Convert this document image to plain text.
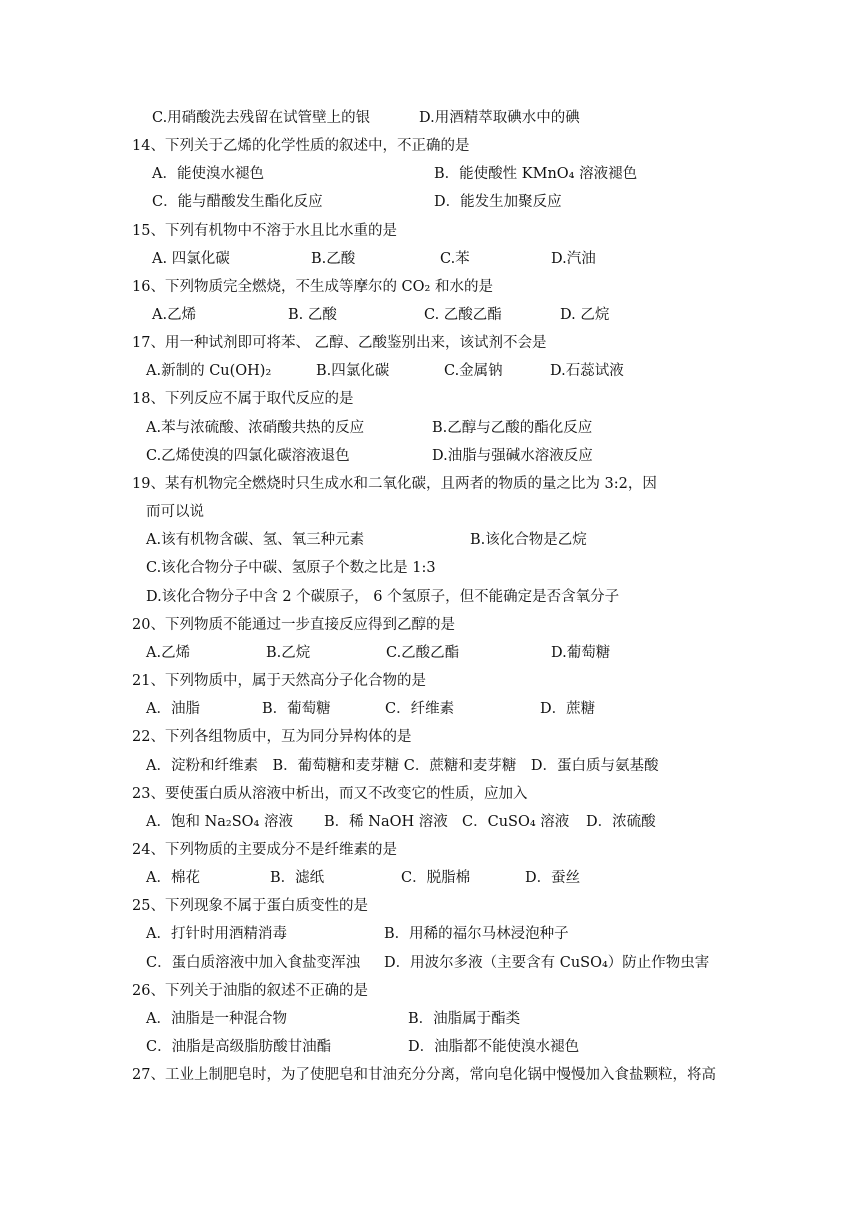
C.用硝酸洗去残留在试管壁上的银	D.用酒精萃取碘水中的碘
14、下列关于乙烯的化学性质的叙述中，不正确的是
A．能使溴水褪色	B．能使酸性 KMnO₄ 溶液褪色
C．能与醋酸发生酯化反应	D．能发生加聚反应
15、下列有机物中不溶于水且比水重的是
A. 四氯化碳	B.乙酸	C.苯	D.汽油
16、下列物质完全燃烧，不生成等摩尔的 CO₂ 和水的是
A.乙烯	B. 乙酸	C. 乙酸乙酯	D. 乙烷
17、用一种试剂即可将苯、 乙醇、乙酸鉴别出来，该试剂不会是
A.新制的 Cu(OH)₂	B.四氯化碳	C.金属钠	D.石蕊试液
18、下列反应不属于取代反应的是
A.苯与浓硫酸、浓硝酸共热的反应	B.乙醇与乙酸的酯化反应
C.乙烯使溴的四氯化碳溶液退色	D.油脂与强碱水溶液反应
19、某有机物完全燃烧时只生成水和二氧化碳，且两者的物质的量之比为 3:2，因
而可以说
A.该有机物含碳、氢、氧三种元素	B.该化合物是乙烷
C.该化合物分子中碳、氢原子个数之比是 1:3
D.该化合物分子中含 2 个碳原子， 6 个氢原子，但不能确定是否含氧分子
20、下列物质不能通过一步直接反应得到乙醇的是
A.乙烯	B.乙烷	C.乙酸乙酯	D.葡萄糖
21、下列物质中，属于天然高分子化合物的是
A．油脂	B．葡萄糖	C．纤维素	D．蔗糖
22、下列各组物质中，互为同分异构体的是
A．淀粉和纤维素　B．葡萄糖和麦芽糖 C．蔗糖和麦芽糖　D．蛋白质与氨基酸
23、要使蛋白质从溶液中析出，而又不改变它的性质，应加入
A．饱和 Na₂SO₄ 溶液 B．稀 NaOH 溶液 C．CuSO₄ 溶液 D．浓硫酸
24、下列物质的主要成分不是纤维素的是
A．棉花	B．滤纸	C．脱脂棉	D．蚕丝
25、下列现象不属于蛋白质变性的是
A．打针时用酒精消毒	B．用稀的福尔马林浸泡种子
C．蛋白质溶液中加入食盐变浑浊 D．用波尔多液（主要含有 CuSO₄）防止作物虫害
26、下列关于油脂的叙述不正确的是
A．油脂是一种混合物	B．油脂属于酯类
C．油脂是高级脂肪酸甘油酯	D．油脂都不能使溴水褪色
27、工业上制肥皂时，为了使肥皂和甘油充分分离，常向皂化锅中慢慢加入食盐颗粒，将高
